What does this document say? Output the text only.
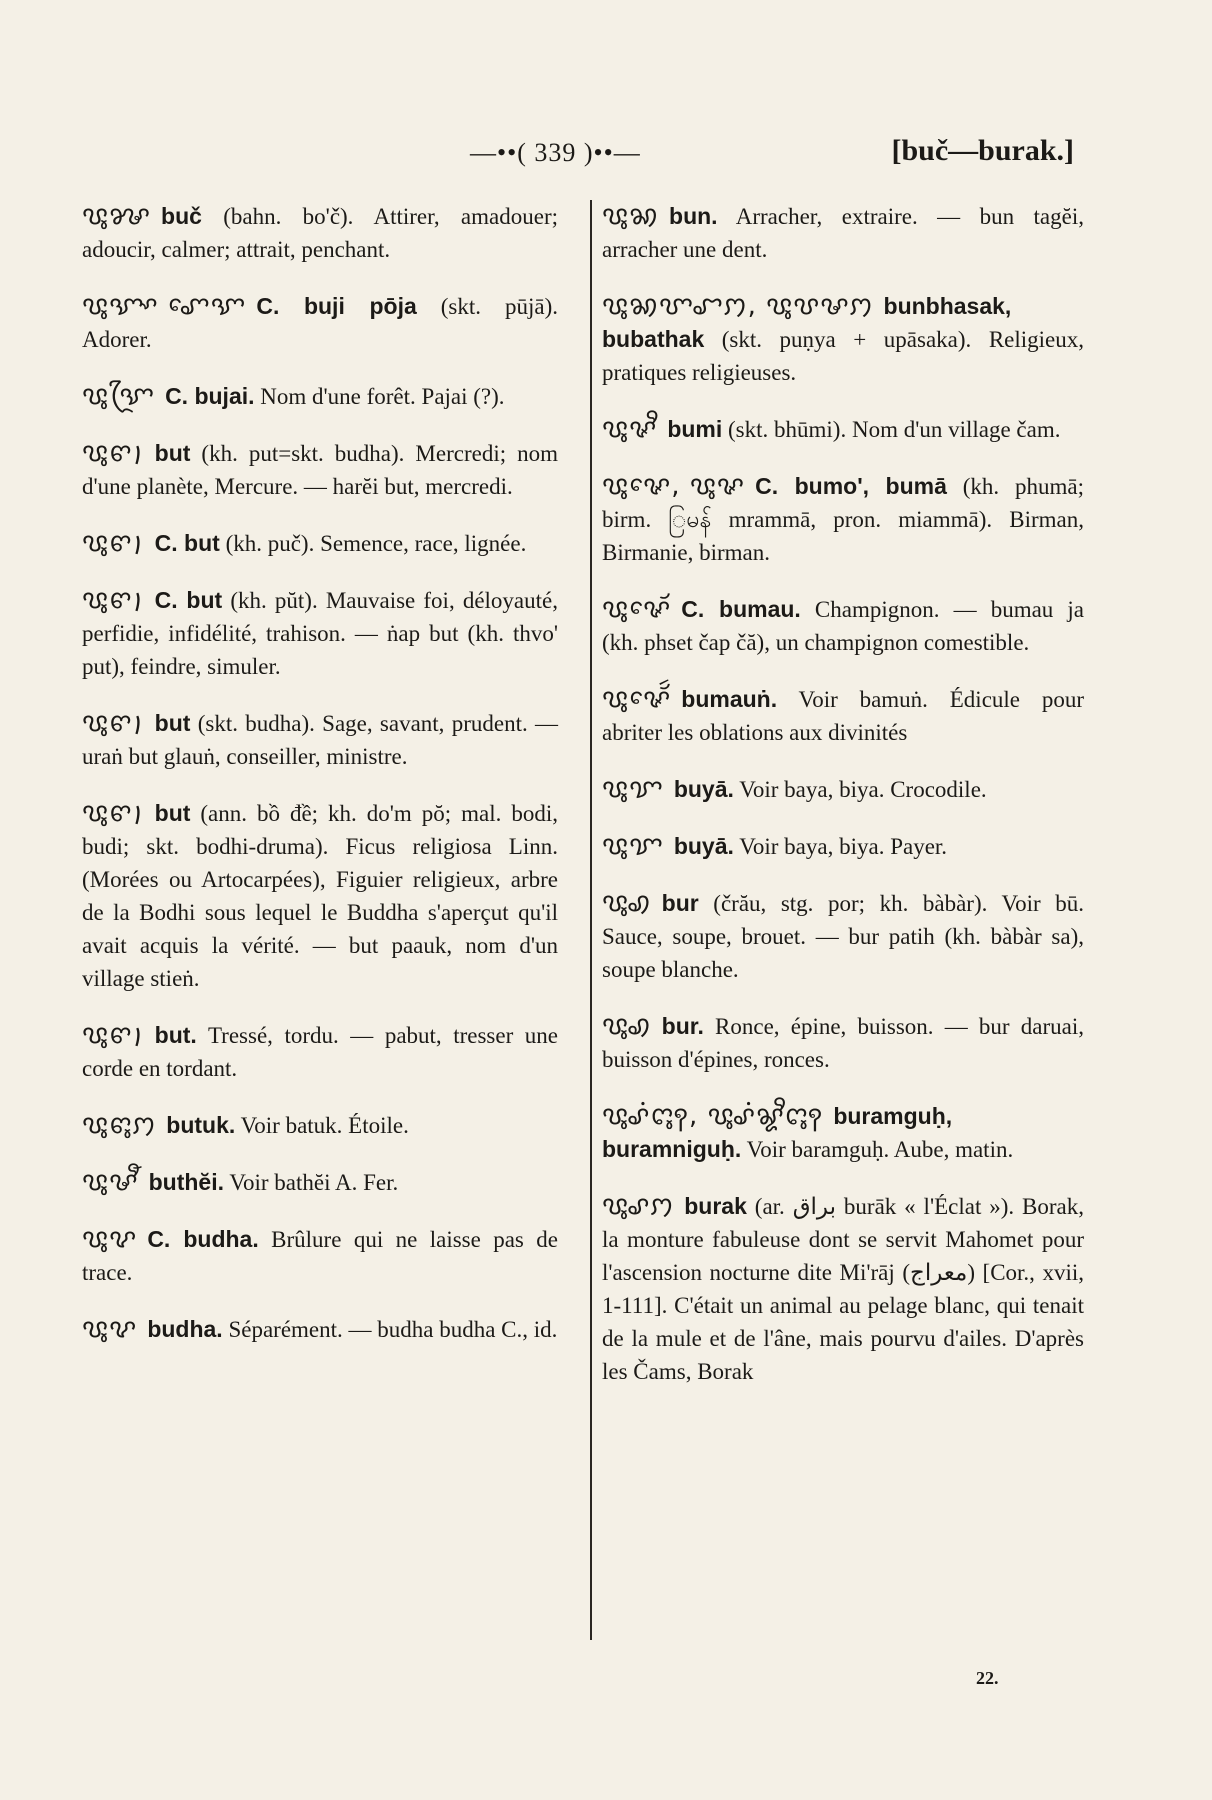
—••( 339 )••—	[buč—burak.]
ꨝꨶꨍ buč (bahn. bo'č). Attirer, amadouer; adoucir, calmer; attrait, penchant.
ꨝꨶꨎꨳ ꨚꨯꨎ C. buji pōja (skt. pūjā). Adorer.
ꨝꨶꨎꨴ C. bujai. Nom d'une forêt. Pajai (?).
ꨝꨶꨓ꩝ but (kh. put=skt. budha). Mercredi; nom d'une planète, Mercure. — harĕi but, mercredi.
ꨝꨶꨓ꩝ C. but (kh. puč). Semence, race, lignée.
ꨝꨶꨓ꩝ C. but (kh. pŭt). Mauvaise foi, déloyauté, perfidie, infidélité, trahison. — ṅap but (kh. thvo' put), feindre, simuler.
ꨝꨶꨓ꩝ but (skt. budha). Sage, savant, prudent. — uraṅ but glauṅ, conseiller, ministre.
ꨝꨶꨓ꩝ but (ann. bồ đề; kh. do'm pŏ; mal. bodi, budi; skt. bodhi-druma). Ficus religiosa Linn. (Morées ou Artocarpées), Figuier religieux, arbre de la Bodhi sous lequel le Buddha s'aperçut qu'il avait acquis la vérité. — but paauk, nom d'un village stieṅ.
ꨝꨶꨓ꩝ but. Tressé, tordu. — pabut, tresser une corde en tordant.
ꨝꨶꨓꨶꩀ butuk. Voir batuk. Étoile.
ꨝꨶꨔꨬ buthĕi. Voir bathĕi A. Fer.
ꨝꨶꨖ C. budha. Brûlure qui ne laisse pas de trace.
ꨝꨶꨖ budha. Séparément. — budha budha C., id.
ꨝꨶꩆ bun. Arracher, extraire. — bun tagĕi, arracher une dent.
ꨝꨶꩆꨞꨧꩀ, ꨝꨶꨝꨔꩀ bunbhasak, bubathak (skt. puṇya + upāsaka). Religieux, pratiques religieuses.
ꨝꨶꨟꨪ bumi (skt. bhūmi). Nom d'un village čam.
ꨝꨶꨟꨯ, ꨝꨶꨟ C. bumo', bumā (kh. phumā; birm. ြမန် mrammā, pron. miammā). Birman, Birmanie, birman.
ꨝꨶꨟꨯꨮ C. bumau. Champignon. — bumau ja (kh. phset čap čă), un champignon comestible.
ꨝꨶꨟꨯꨮꩃ bumauṅ. Voir bamuṅ. Édicule pour abriter les oblations aux divinités
ꨝꨶꨢ buyā. Voir baya, biya. Crocodile.
ꨝꨶꨢ buyā. Voir baya, biya. Payer.
ꨝꨶꩉ bur (črău, stg. por; kh. bàbàr). Voir bū. Sauce, soupe, brouet. — bur patih (kh. bàbàr sa), soupe blanche.
ꨝꨶꩉ bur. Ronce, épine, buisson. — bur daruai, buisson d'épines, ronces.
ꨝꨶꨣꩌꨈꨶꩍ, ꨝꨶꨣꩌꨘꨪꨈꨶꩍ buramguḥ, buramniguḥ. Voir baramguḥ. Aube, matin.
ꨝꨶꨣꩀ burak (ar. براق burāk « l'Éclat »). Borak, la monture fabuleuse dont se servit Mahomet pour l'ascension nocturne dite Mi'rāj (معراج) [Cor., xvii, 1-111]. C'était un animal au pelage blanc, qui tenait de la mule et de l'âne, mais pourvu d'ailes. D'après les Čams, Borak
22.
